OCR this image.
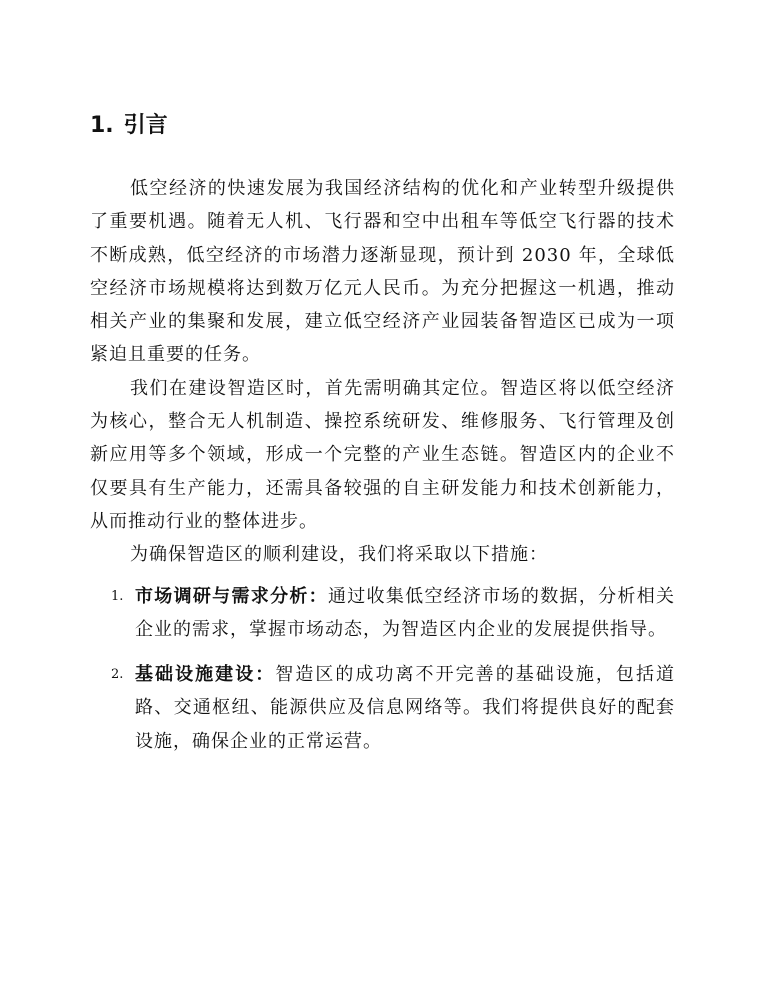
1. 引言

低空经济的快速发展为我国经济结构的优化和产业转型升级提供了重要机遇。随着无人机、飞行器和空中出租车等低空飞行器的技术不断成熟，低空经济的市场潜力逐渐显现，预计到 2030 年，全球低空经济市场规模将达到数万亿元人民币。为充分把握这一机遇，推动相关产业的集聚和发展，建立低空经济产业园装备智造区已成为一项紧迫且重要的任务。

我们在建设智造区时，首先需明确其定位。智造区将以低空经济为核心，整合无人机制造、操控系统研发、维修服务、飞行管理及创新应用等多个领域，形成一个完整的产业生态链。智造区内的企业不仅要具有生产能力，还需具备较强的自主研发能力和技术创新能力，从而推动行业的整体进步。

为确保智造区的顺利建设，我们将采取以下措施：

1. 市场调研与需求分析：通过收集低空经济市场的数据，分析相关企业的需求，掌握市场动态，为智造区内企业的发展提供指导。
2. 基础设施建设：智造区的成功离不开完善的基础设施，包括道路、交通枢纽、能源供应及信息网络等。我们将提供良好的配套设施，确保企业的正常运营。
